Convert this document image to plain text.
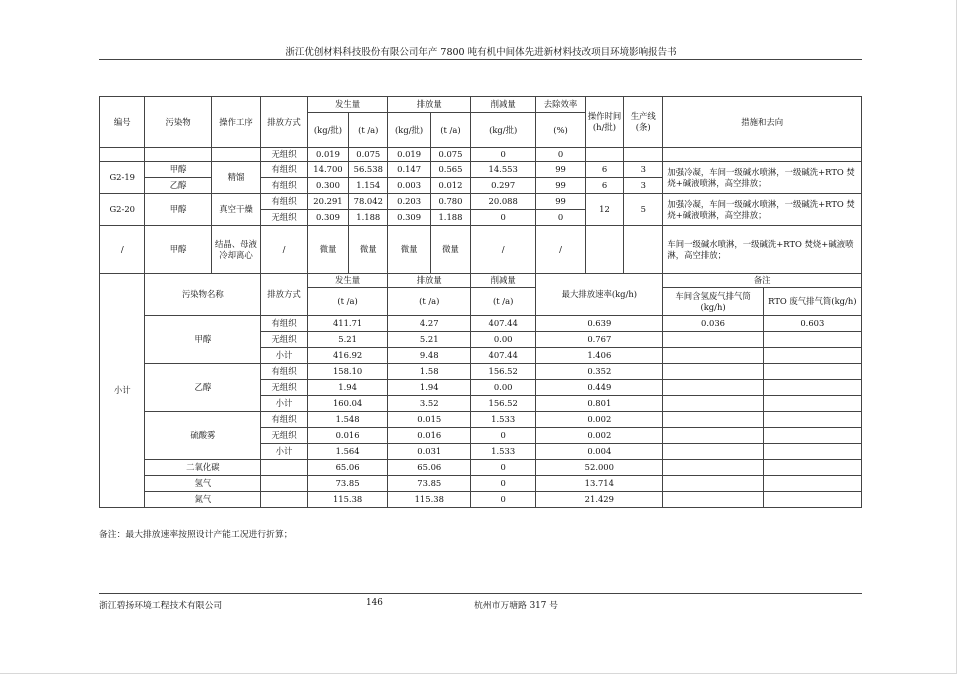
浙江优创材料科技股份有限公司年产 7800 吨有机中间体先进新材料技改项目环境影响报告书
编号	污染物	操作工序	排放方式	发生量		排放量		削减量	去除效率	操作时间(h/批)	生产线(条)	措施和去向	
				(kg/批)	(t /a)	(kg/批)	(t /a)	(kg/批)	(%)				
			无组织	0.019	0.075	0.019	0.075	0	0				
G2-19	甲醇	精馏	有组织	14.700	56.538	0.147	0.565	14.553	99	6	3	加强冷凝，车间一级碱水喷淋，一级碱洗+RTO 焚烧+碱液喷淋，高空排放；	
	乙醇		有组织	0.300	1.154	0.003	0.012	0.297	99	6	3		
G2-20	甲醇	真空干燥	有组织	20.291	78.042	0.203	0.780	20.088	99	12	5	加强冷凝，车间一级碱水喷淋，一级碱洗+RTO 焚烧+碱液喷淋，高空排放；	
			无组织	0.309	1.188	0.309	1.188	0	0				
/	甲醇	结晶、母液冷却离心	/	微量	微量	微量	微量	/	/			车间一级碱水喷淋，一级碱洗+RTO 焚烧+碱液喷淋，高空排放；	
小计	污染物名称		排放方式	发生量		排放量		削减量	最大排放速率(kg/h)			备注	
				(t /a)		(t /a)		(t /a)				车间含氢废气排气筒(kg/h)	RTO 废气排气筒(kg/h)

	甲醇		有组织	411.71		4.27		407.44	0.639			0.036	0.603
			无组织	5.21		5.21		0.00	0.767				
			小计	416.92		9.48		407.44	1.406				
	乙醇		有组织	158.10		1.58		156.52	0.352				
			无组织	1.94		1.94		0.00	0.449				
			小计	160.04		3.52		156.52	0.801				
	硫酸雾		有组织	1.548		0.015		1.533	0.002				
			无组织	0.016		0.016		0	0.002				
			小计	1.564		0.031		1.533	0.004				
	二氧化碳			65.06		65.06		0	52.000				
	氢气			73.85		73.85		0	13.714				
	氮气			115.38		115.38		0	21.429				
备注：最大排放速率按照设计产能工况进行折算；
浙江碧扬环境工程技术有限公司	146	杭州市万塘路 317 号
